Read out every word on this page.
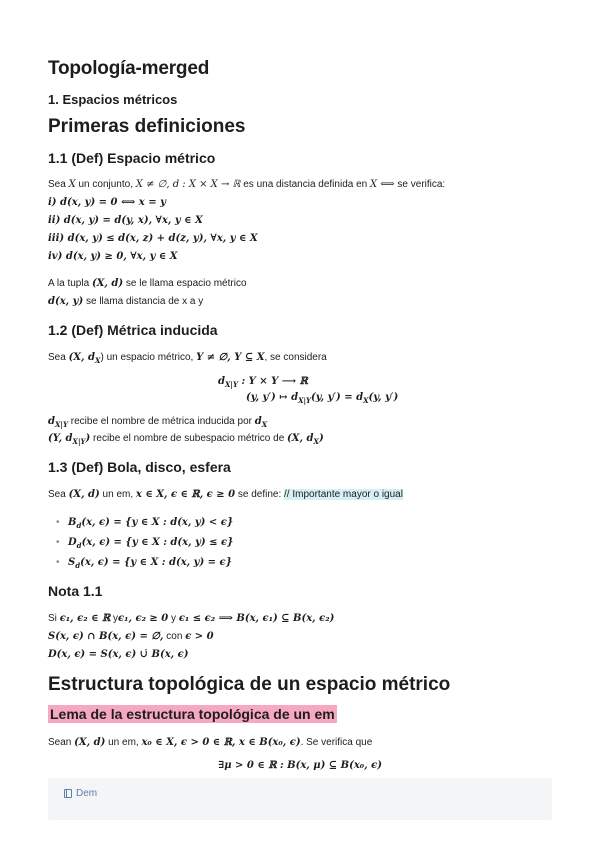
Topología-merged
1. Espacios métricos
Primeras definiciones
1.1 (Def) Espacio métrico
Sea X un conjunto, X ≠ ∅, d : X × X → ℝ es una distancia definida en X ⟺ se verifica:
i) d(x, y) = 0 ⟺ x = y
ii) d(x, y) = d(y, x), ∀x, y ∈ X
iii) d(x, y) ≤ d(x, z) + d(z, y), ∀x, y ∈ X
iv) d(x, y) ≥ 0, ∀x, y ∈ X
A la tupla (X, d) se le llama espacio métrico
d(x, y) se llama distancia de x a y
1.2 (Def) Métrica inducida
Sea (X, $d_X$) un espacio métrico, Y ≠ ∅, Y ⊆ X, se considera
$d_{X|Y}$ : Y × Y ⟶ ℝ
(y, y′) ↦ $d_{X|Y}(y$, $y') = d_X(y$, y′)
$d_{X|Y}$ recibe el nombre de métrica inducida por $d_X$
(Y, $d_{X|Y}$) recibe el nombre de subespacio métrico de (X, $d_X$)
1.3 (Def) Bola, disco, esfera
Sea (X, d) un em, x ∈ X, ϵ ∈ ℝ, ϵ ≥ 0 se define: // Importante mayor o igual
• $B_d(x$, ϵ) = {y ∈ X : d(x, y) < ϵ}
• $D_d(x$, ϵ) = {y ∈ X : d(x, y) ≤ ϵ}
• $S_d(x$, ϵ) = {y ∈ X : d(x, y) = ϵ}
Nota 1.1
Si ϵ₁, ϵ₂ ∈ ℝ yϵ₁, ϵ₂ ≥ 0 y ϵ₁ ≤ ϵ₂ ⟹ B(x, ϵ₁) ⊆ B(x, ϵ₂)
S(x, ϵ) ∩ B(x, ϵ) = ∅, con ϵ > 0
D(x, ϵ) = S(x, ϵ) ∪̇ B(x, ϵ)
Estructura topológica de un espacio métrico
Lema de la estructura topológica de un em
Sean (X, d) un em, x₀ ∈ X, ϵ > 0 ∈ ℝ, x ∈ B(x₀, ϵ). Se verifica que
∃μ > 0 ∈ ℝ : B(x, μ) ⊆ B(x₀, ϵ)
Dem
